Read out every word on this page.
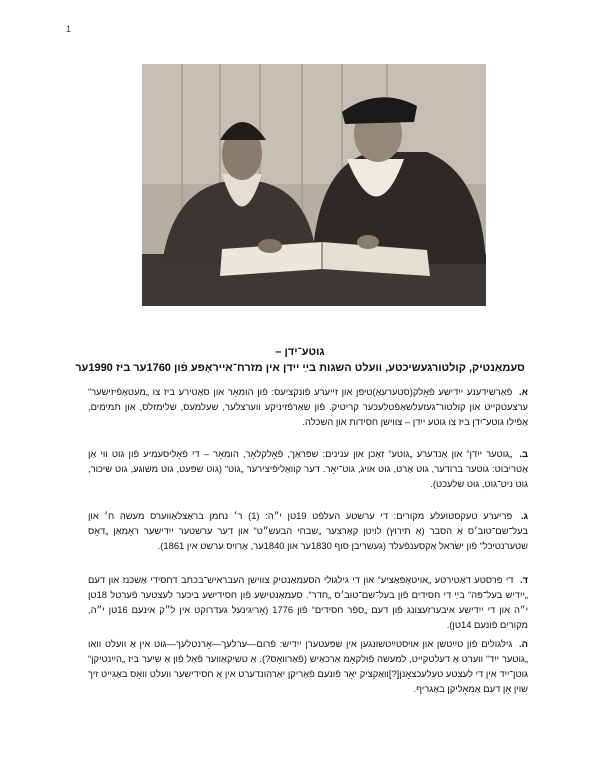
1
גוטע־יִדן –
סעמאַנטיק, קולטורגעשיכטע, וועלט השגות בײַ ייִדן אין מזרח־אייראָפּע פֿון 1760ער ביז 1990ער
א. פֿאַרשידענע ייִדישע פֿאָלק(סטערעאָ)טיפּן און זייערע פֿונקציעס: פֿון הומאָר און סאַטירע ביז צו „מעטאַפֿיזישער“ ערצעטקייט און קולטור־געזעלשאַפֿטלעכער קריטיק. פֿון שאַרפֿזיניקע ווערצלער, שעלמעס, שלימזלס, און תמימים, אַפֿילו גוטע־יִדן ביז צו גוטע ייִדן – צווישן חסידות און השכלה.
ב. „גוטער ייִדן“ און אַנדערע „גוטע“ זאַכן און ענינים: שפּראַך, פֿאָלקלאָר, הומאָר – די פֿאָליסעמיע פֿון גוט ווי אַן אַטריבוט: גוטער ברודער, גוט אַרט, גוט אויג, גוט־יאָר. דער קוואַליפֿיצירער „גוט“ (גוט שפּעט, גוט משוגע, גוט שיכור, גוט ניט־גוט, גוט שלעכט).
ג. פּריערע טעקסטועלע מקורים: די ערשטע העלפֿט 19טן י״ה: (1) ר׳ נחמן בראַצלאַווערס מעשה ח׳ און בעל־שם־טוב׳ס אַ הסבר (אַ תירוץ) לויטן קאַרצער „שבחי הבעש״ט“ און דער ערשטער ייִדישער ראָמאַן „דאָס שטערנטיכל“ פֿון ישׂראל אַקסענפֿעלד (געשריבן סוף 1830ער און 1840ער, אַרויס ערשט אין 1861).
ד. די פּרסטע דאַטירטע „אויטאָפּאַציע“ און די גילגולי הסעמאַנטיק צווישן העבראיש־בכתב דחסידי אַשכּנז און דעם „ייִדיש בעל־פּה“ בײַ די חסידים פֿון בעל־שם־טוב׳ס „חדר“. סעמאַנטישע פֿון חסידישע ביכער לעצטער פֿערטל 18טן י״ה און די ייִדישע איבערזעצונג פֿון דעם „ספֿר חסידים“ פֿון 1776 (אָריגינעל געדרוקט אין ל״ק אינעם 16טן י״ה, מקורים פֿונעם 14טן).
ה. גילגולים פֿון טײַטשן און אויסטײַטשונגען אין שפּעטערן ייִדיש: פֿרום—ערלעך—אָרנטלעך—גוט אין אַ וועלט וואו „גוטער ייִד“ ווערט אַ דעלטקייט, למעשה פֿולקאָמ אַרכאַיש (פֿאַרוואָס?). אַ טשיקאַווער פֿאַל פֿון אַ שיער ביז „הײַנטיקן“ גוטן־ייִד אין די לעצטע טעלעכצאָנן[?]וואַקציק יאָר פֿונעם פֿאַריקן יאַרהונדערט אין אַ חסידישער וועלט וואָס באַגייט זיך שוין אָן דעם אַמאָליקן באַגריף.
